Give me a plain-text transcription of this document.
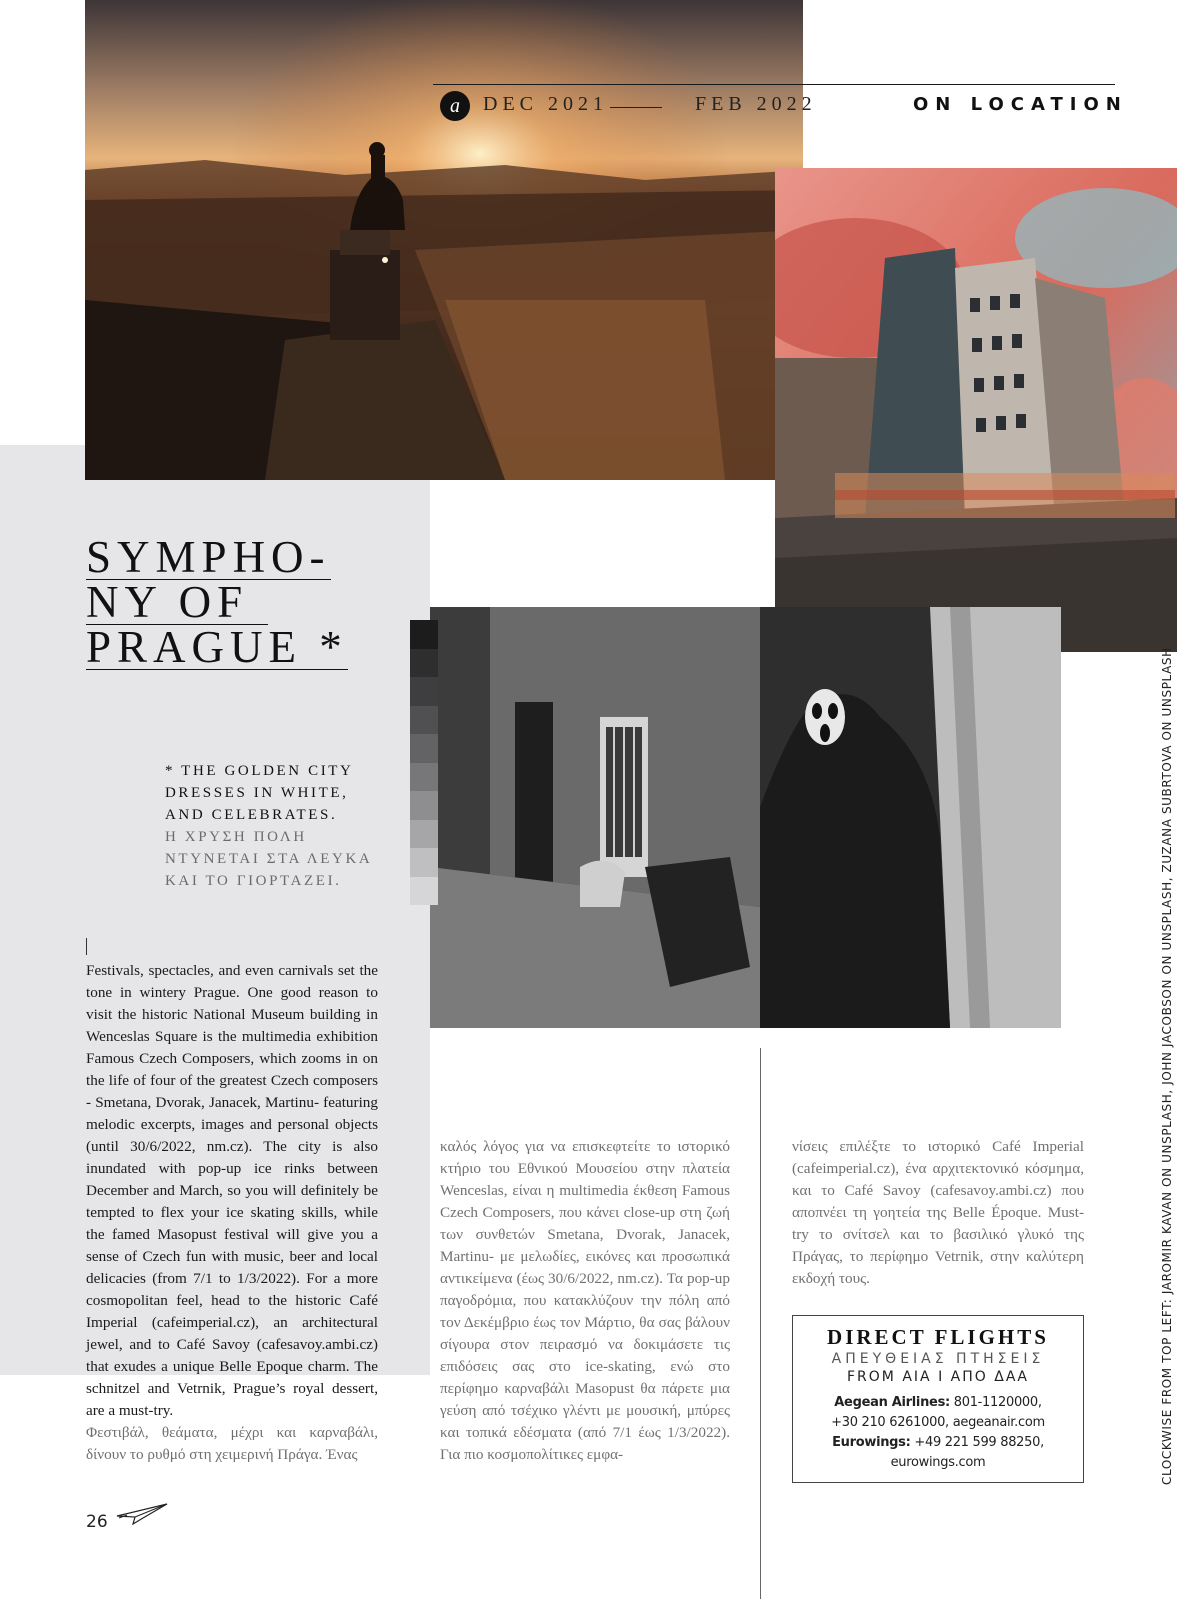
a	DEC 2021	FEB 2022	ON LOCATION
SYMPHO-
NY OF
PRAGUE *
* THE GOLDEN CITY
DRESSES IN WHITE,
AND CELEBRATES.
Η ΧΡΥΣΗ ΠΟΛΗ
ΝΤΥΝΕΤΑΙ ΣΤΑ ΛΕΥΚΑ
ΚΑΙ ΤΟ ΓΙΟΡΤΑΖΕΙ.

Festivals, spectacles, and even carnivals set the tone in wintery Prague. One good reason to visit the historic National Museum building in Wenceslas Square is the multimedia exhibition Famous Czech Composers, which zooms in on the life of four of the greatest Czech composers - Smetana, Dvorak, Janacek, Martinu- featuring melodic excerpts, images and personal objects (until 30/6/2022, nm.cz). The city is also inundated with pop-up ice rinks between December and March, so you will definitely be tempted to flex your ice skating skills, while the famed Masopust festival will give you a sense of Czech fun with music, beer and local delicacies (from 7/1 to 1/3/2022). For a more cosmopolitan feel, head to the historic Café Imperial (cafeimperial.cz), an architectural jewel, and to Café Savoy (cafesavoy.ambi.cz) that exudes a unique Belle Epoque charm. The schnitzel and Vetrnik, Prague’s royal dessert, are a must-try.

Φεστιβάλ, θεάματα, μέχρι και καρναβάλι, δίνουν το ρυθμό στη χειμερινή Πράγα. Ένας

καλός λόγος για να επισκεφτείτε το ιστορικό κτήριο του Εθνικού Μουσείου στην πλατεία Wenceslas, είναι η multimedia έκθεση Famous Czech Composers, που κάνει close-up στη ζωή των συνθετών Smetana, Dvorak, Janacek, Martinu- με μελωδίες, εικόνες και προσωπικά αντικείμενα (έως 30/6/2022, nm.cz). Τα pop-up παγοδρόμια, που κατακλύζουν την πόλη από τον Δεκέμβριο έως τον Μάρτιο, θα σας βάλουν σίγουρα στον πειρασμό να δοκιμάσετε τις επιδόσεις σας στο ice-skating, ενώ στο περίφημο καρναβάλι Masopust θα πάρετε μια γεύση από τσέχικο γλέντι με μουσική, μπύρες και τοπικά εδέσματα (από 7/1 έως 1/3/2022). Για πιο κοσμοπολίτικες εμφα-

νίσεις επιλέξτε το ιστορικό Café Imperial (cafeimperial.cz), ένα αρχιτεκτονικό κόσμημα, και το Café Savoy (cafesavoy.ambi.cz) που αποπνέει τη γοητεία της Belle Époque. Must-try το σνίτσελ και το βασιλικό γλυκό της Πράγας, το περίφημο Vetrnik, στην καλύτερη εκδοχή τους.

DIRECT FLIGHTS
ΑΠΕΥΘΕΙΑΣ ΠΤΗΣΕΙΣ
FROM AIA I ΑΠΟ ΔΑΑ
Aegean Airlines: 801-1120000,
+30 210 6261000, aegeanair.com
Eurowings: +49 221 599 88250,
eurowings.com	CLOCKWISE FROM TOP LEFT: JAROMIR KAVAN ON UNSPLASH, JOHN JACOBSON ON UNSPLASH, ZUZANA SUBRTOVA ON UNSPLASH
26
